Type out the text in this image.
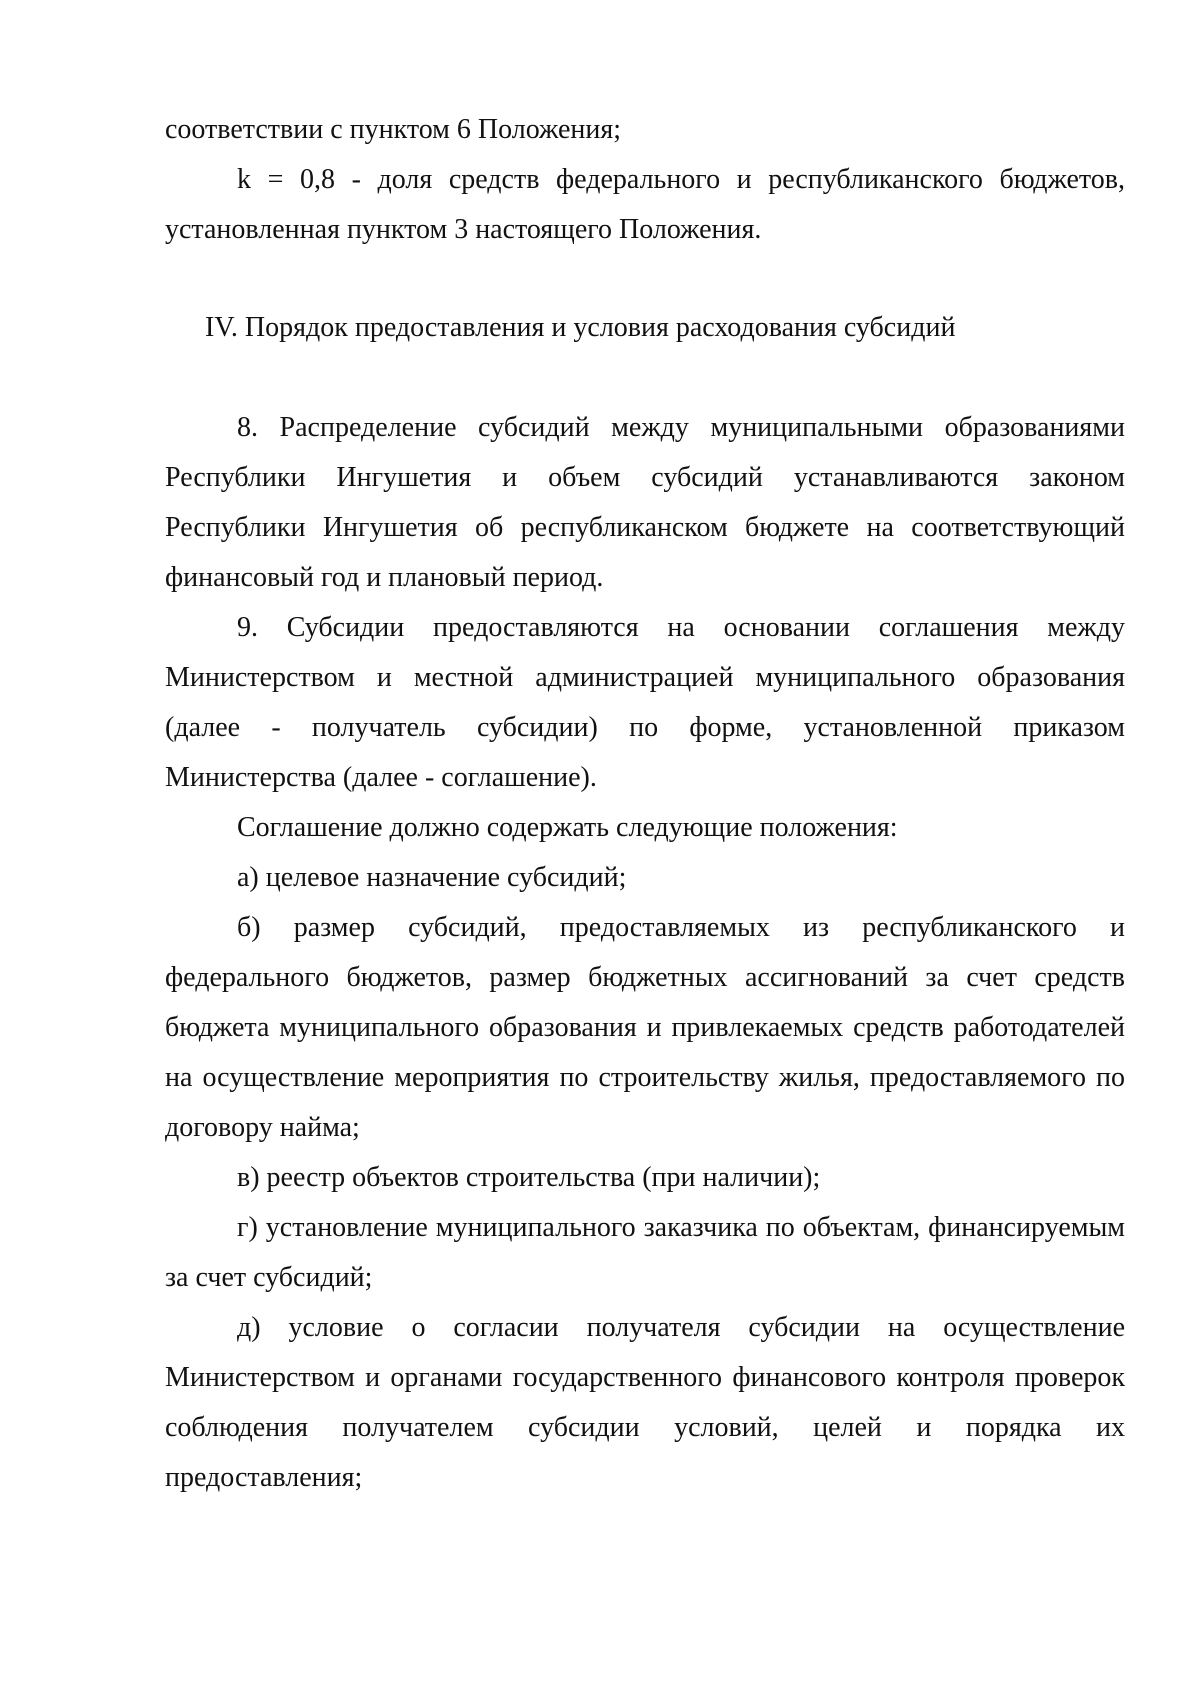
соответствии с пунктом 6 Положения;

k = 0,8 - доля средств федерального и республиканского бюджетов, установленная пунктом 3 настоящего Положения.

IV. Порядок предоставления и условия расходования субсидий

8. Распределение субсидий между муниципальными образованиями Республики Ингушетия и объем субсидий устанавливаются законом Республики Ингушетия об республиканском бюджете на соответствующий финансовый год и плановый период.

9. Субсидии предоставляются на основании соглашения между Министерством и местной администрацией муниципального образования (далее - получатель субсидии) по форме, установленной приказом Министерства (далее - соглашение).

Соглашение должно содержать следующие положения:

а) целевое назначение субсидий;

б) размер субсидий, предоставляемых из республиканского и федерального бюджетов, размер бюджетных ассигнований за счет средств бюджета муниципального образования и привлекаемых средств работодателей на осуществление мероприятия по строительству жилья, предоставляемого по договору найма;

в) реестр объектов строительства (при наличии);

г) установление муниципального заказчика по объектам, финансируемым за счет субсидий;

д) условие о согласии получателя субсидии на осуществление Министерством и органами государственного финансового контроля проверок соблюдения получателем субсидии условий, целей и порядка их предоставления;
